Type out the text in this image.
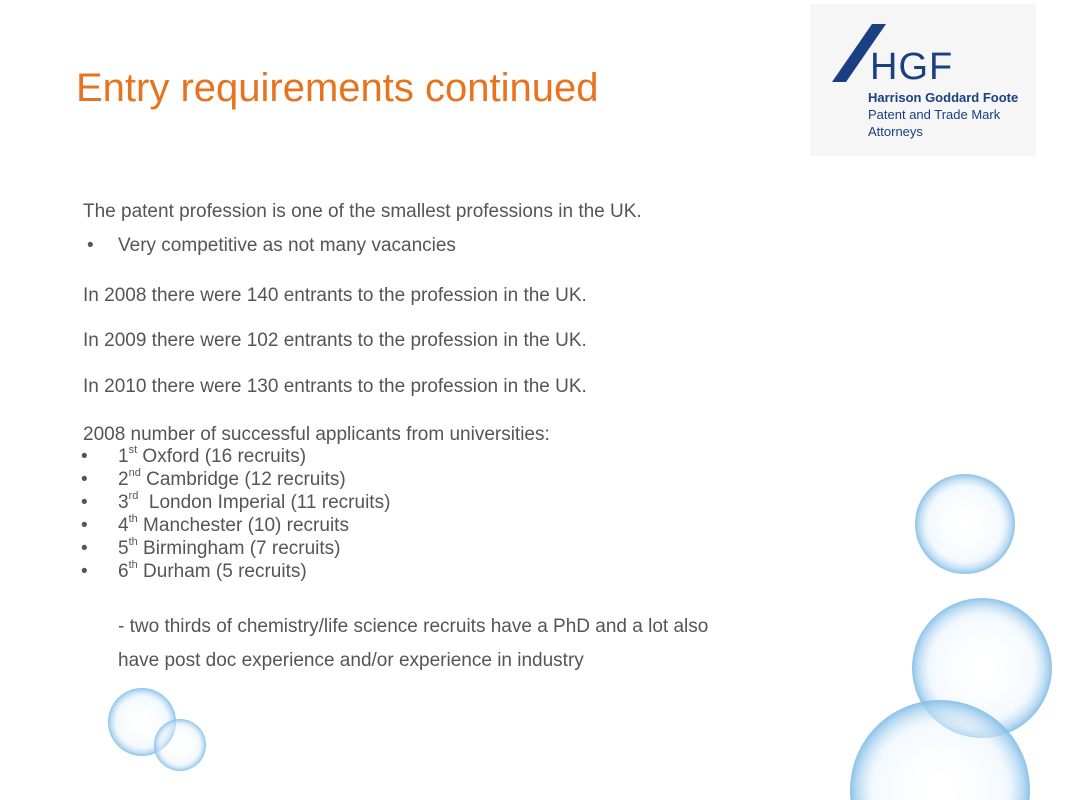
Entry requirements continued	HGF
Harrison Goddard Foote
Patent and Trade Mark
Attorneys
The patent profession is one of the smallest professions in the UK.
• Very competitive as not many vacancies
In 2008 there were 140 entrants to the profession in the UK.
In 2009 there were 102 entrants to the profession in the UK.
In 2010 there were 130 entrants to the profession in the UK.
2008 number of successful applicants from universities:
• 1st Oxford (16 recruits)
• 2nd Cambridge (12 recruits)
• 3rd  London Imperial (11 recruits)
• 4th Manchester (10) recruits
• 5th Birmingham (7 recruits)
• 6th Durham (5 recruits)
- two thirds of chemistry/life science recruits have a PhD and a lot also
have post doc experience and/or experience in industry
